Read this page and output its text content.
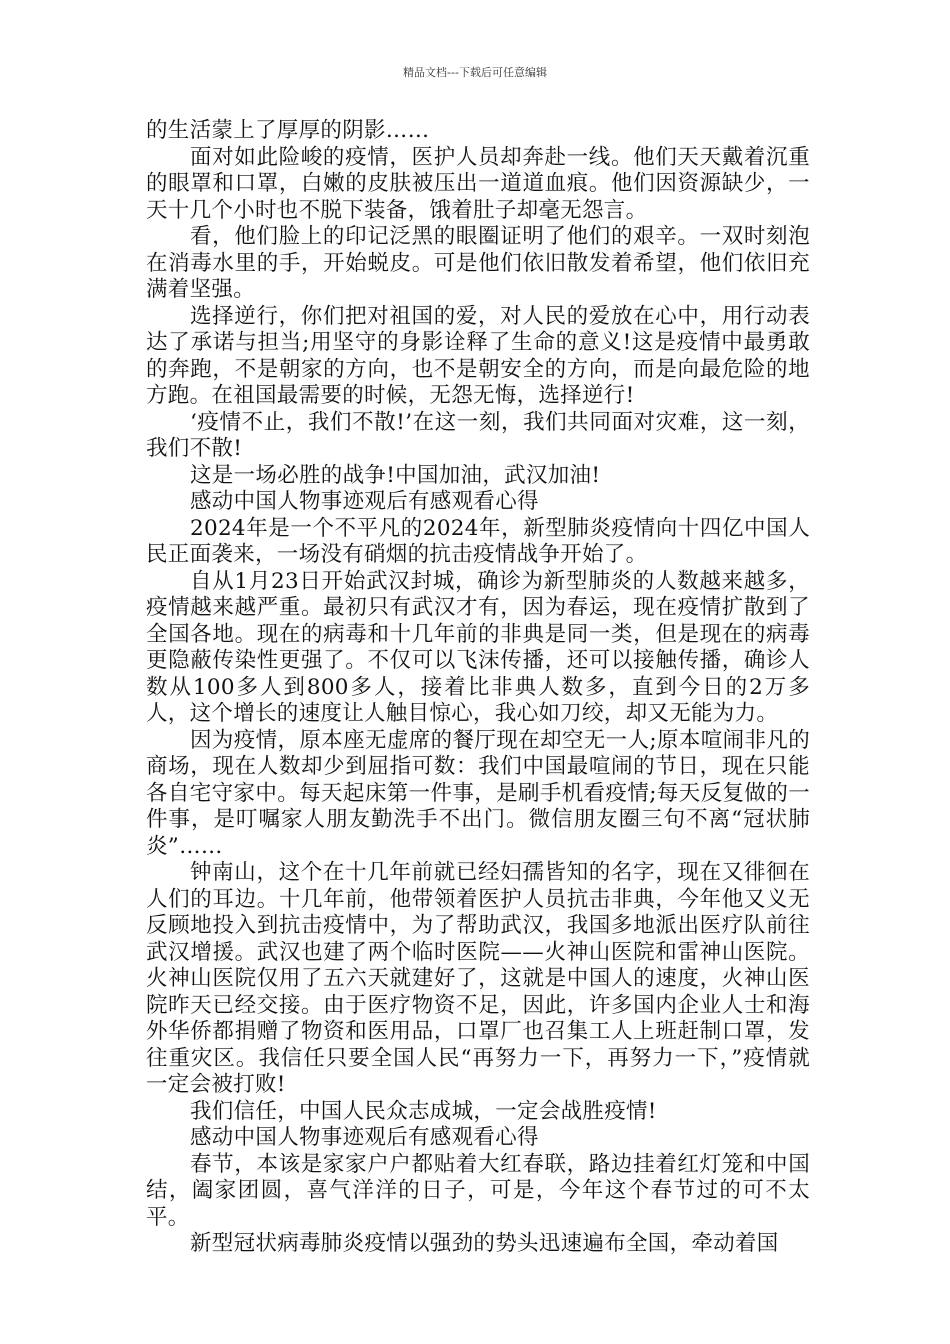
精品文档---下载后可任意编辑

的生活蒙上了厚厚的阴影……

面对如此险峻的疫情，医护人员却奔赴一线。他们天天戴着沉重的眼罩和口罩，白嫩的皮肤被压出一道道血痕。他们因资源缺少，一天十几个小时也不脱下装备，饿着肚子却毫无怨言。

看，他们脸上的印记泛黑的眼圈证明了他们的艰辛。一双时刻泡在消毒水里的手，开始蜕皮。可是他们依旧散发着希望，他们依旧充满着坚强。

选择逆行，你们把对祖国的爱，对人民的爱放在心中，用行动表达了承诺与担当;用坚守的身影诠释了生命的意义!这是疫情中最勇敢的奔跑，不是朝家的方向，也不是朝安全的方向，而是向最危险的地方跑。在祖国最需要的时候，无怨无悔，选择逆行!

‘疫情不止，我们不散!’在这一刻，我们共同面对灾难，这一刻，我们不散!

这是一场必胜的战争!中国加油，武汉加油!

感动中国人物事迹观后有感观看心得

2024年是一个不平凡的2024年，新型肺炎疫情向十四亿中国人民正面袭来，一场没有硝烟的抗击疫情战争开始了。

自从1月23日开始武汉封城，确诊为新型肺炎的人数越来越多，疫情越来越严重。最初只有武汉才有，因为春运，现在疫情扩散到了全国各地。现在的病毒和十几年前的非典是同一类，但是现在的病毒更隐蔽传染性更强了。不仅可以飞沫传播，还可以接触传播，确诊人数从100多人到800多人，接着比非典人数多，直到今日的2万多人，这个增长的速度让人触目惊心，我心如刀绞，却又无能为力。

因为疫情，原本座无虚席的餐厅现在却空无一人;原本喧闹非凡的商场，现在人数却少到屈指可数：我们中国最喧闹的节日，现在只能各自宅守家中。每天起床第一件事，是刷手机看疫情;每天反复做的一件事，是叮嘱家人朋友勤洗手不出门。微信朋友圈三句不离“冠状肺炎”……

钟南山，这个在十几年前就已经妇孺皆知的名字，现在又徘徊在人们的耳边。十几年前，他带领着医护人员抗击非典，今年他又义无反顾地投入到抗击疫情中，为了帮助武汉，我国多地派出医疗队前往武汉增援。武汉也建了两个临时医院——火神山医院和雷神山医院。火神山医院仅用了五六天就建好了，这就是中国人的速度，火神山医院昨天已经交接。由于医疗物资不足，因此，许多国内企业人士和海外华侨都捐赠了物资和医用品，口罩厂也召集工人上班赶制口罩，发往重灾区。我信任只要全国人民“再努力一下，再努力一下，”疫情就一定会被打败!

我们信任，中国人民众志成城，一定会战胜疫情!

感动中国人物事迹观后有感观看心得

春节，本该是家家户户都贴着大红春联，路边挂着红灯笼和中国结，阖家团圆，喜气洋洋的日子，可是，今年这个春节过的可不太平。

新型冠状病毒肺炎疫情以强劲的势头迅速遍布全国，牵动着国
